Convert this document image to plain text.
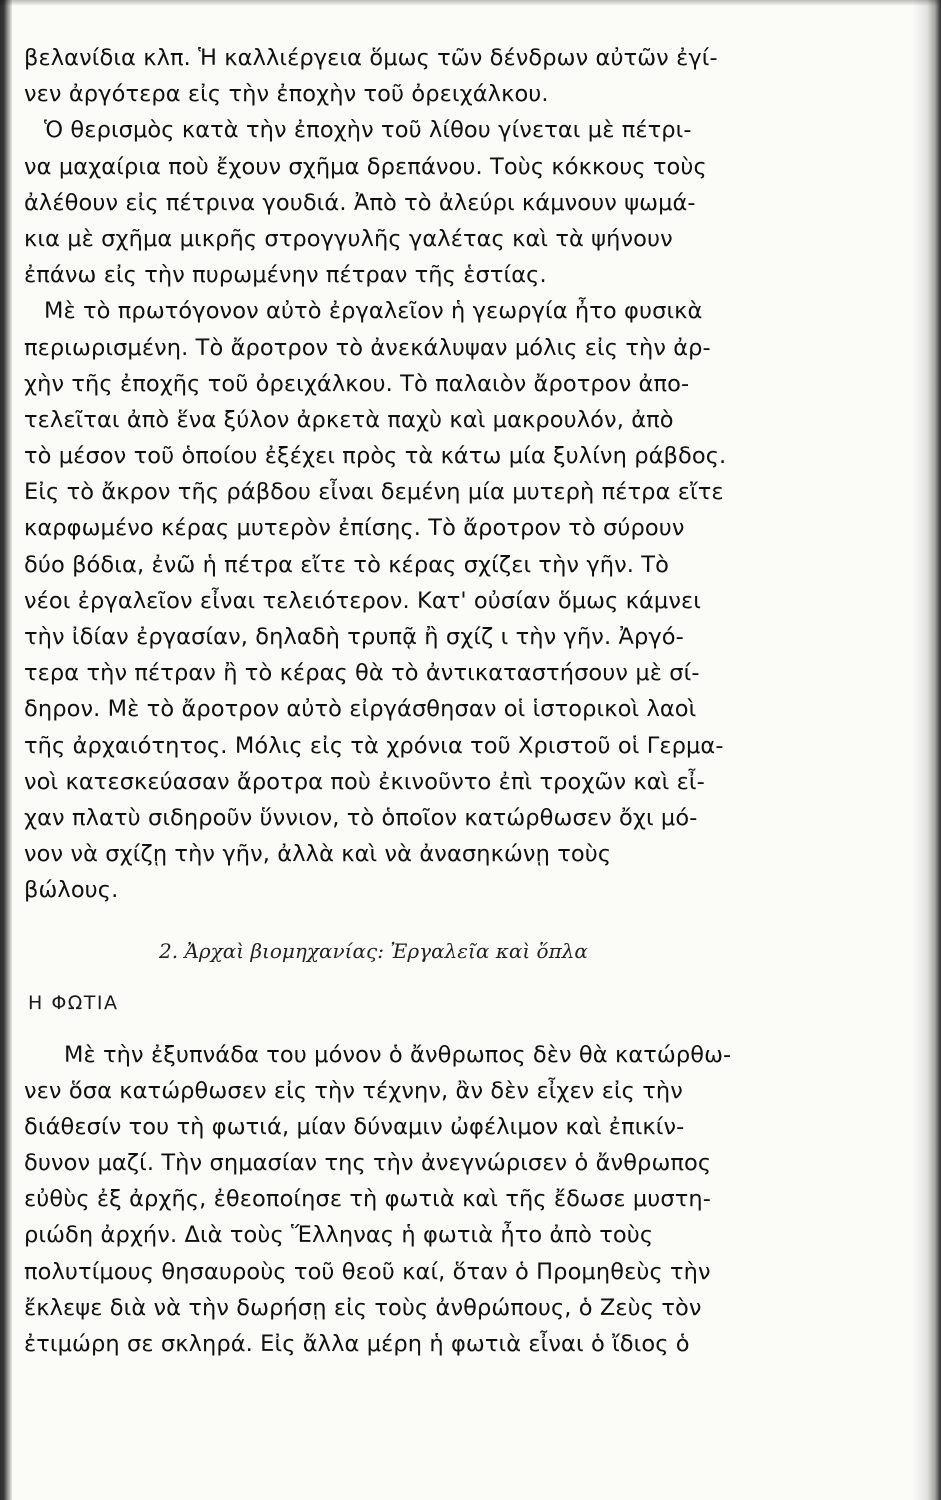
βελανίδια κλπ. Ἡ καλλιέργεια ὅμως τῶν δένδρων αὐτῶν ἐγί-
νεν ἀργότερα εἰς τὴν ἐποχὴν τοῦ ὀρειχάλκου.
Ὁ θερισμὸς κατὰ τὴν ἐποχὴν τοῦ λίθου γίνεται μὲ πέτρι-
να μαχαίρια ποὺ ἔχουν σχῆμα δρεπάνου. Τοὺς κόκκους τοὺς
ἀλέθουν εἰς πέτρινα γουδιά. Ἀπὸ τὸ ἀλεύρι κάμνουν ψωμά-
κια μὲ σχῆμα μικρῆς στρογγυλῆς γαλέτας καὶ τὰ ψήνουν
ἐπάνω εἰς τὴν πυρωμένην πέτραν τῆς ἑστίας.
Μὲ τὸ πρωτόγονον αὐτὸ ἐργαλεῖον ἡ γεωργία ἦτο φυσικὰ
περιωρισμένη. Τὸ ἄροτρον τὸ ἀνεκάλυψαν μόλις εἰς τὴν ἀρ-
χὴν τῆς ἐποχῆς τοῦ ὀρειχάλκου. Τὸ παλαιὸν ἄροτρον ἀπο-
τελεῖται ἀπὸ ἕνα ξύλον ἀρκετὰ παχὺ καὶ μακρουλόν, ἀπὸ
τὸ μέσον τοῦ ὁποίου ἐξέχει πρὸς τὰ κάτω μία ξυλίνη ράβδος.
Εἰς τὸ ἄκρον τῆς ράβδου εἶναι δεμένη μία μυτερὴ πέτρα εἴτε
καρφωμένο κέρας μυτερὸν ἐπίσης. Τὸ ἄροτρον τὸ σύρουν
δύο βόδια, ἐνῶ ἡ πέτρα εἴτε τὸ κέρας σχίζει τὴν γῆν. Τὸ
νέοι ἐργαλεῖον εἶναι τελειότερον. Κατ' οὐσίαν ὅμως κάμνει
τὴν ἰδίαν ἐργασίαν, δηλαδὴ τρυπᾷ ἢ σχίζ ι τὴν γῆν. Ἀργό-
τερα τὴν πέτραν ἢ τὸ κέρας θὰ τὸ ἀντικαταστήσουν μὲ σί-
δηρον. Μὲ τὸ ἄροτρον αὐτὸ εἰργάσθησαν οἱ ἱστορικοὶ λαοὶ
τῆς ἀρχαιότητος. Μόλις εἰς τὰ χρόνια τοῦ Χριστοῦ οἱ Γερμα-
νοὶ κατεσκεύασαν ἄροτρα ποὺ ἐκινοῦντο ἐπὶ τροχῶν καὶ εἶ-
χαν πλατὺ σιδηροῦν ὕννιον, τὸ ὁποῖον κατώρθωσεν ὄχι μό-
νον νὰ σχίζῃ τὴν γῆν, ἀλλὰ καὶ νὰ ἀνασηκώνῃ τοὺς
βώλους.
2. Ἀρχαὶ βιομηχανίας: Ἐργαλεῖα καὶ ὅπλα
Η ΦΩΤΙΑ
Μὲ τὴν ἐξυπνάδα του μόνον ὁ ἄνθρωπος δὲν θὰ κατώρθω-
νεν ὅσα κατώρθωσεν εἰς τὴν τέχνην, ἂν δὲν εἶχεν εἰς τὴν
διάθεσίν του τὴ φωτιά, μίαν δύναμιν ὠφέλιμον καὶ ἐπικίν-
δυνον μαζί. Τὴν σημασίαν της τὴν ἀνεγνώρισεν ὁ ἄνθρωπος
εὐθὺς ἐξ ἀρχῆς, ἐθεοποίησε τὴ φωτιὰ καὶ τῆς ἔδωσε μυστη-
ριώδη ἀρχήν. Διὰ τοὺς Ἕλληνας ἡ φωτιὰ ἦτο ἀπὸ τοὺς
πολυτίμους θησαυροὺς τοῦ θεοῦ καί, ὅταν ὁ Προμηθεὺς τὴν
ἔκλεψε διὰ νὰ τὴν δωρήσῃ εἰς τοὺς ἀνθρώπους, ὁ Ζεὺς τὸν
ἐτιμώρη σε σκληρά. Εἰς ἄλλα μέρη ἡ φωτιὰ εἶναι ὁ ἴδιος ὁ
